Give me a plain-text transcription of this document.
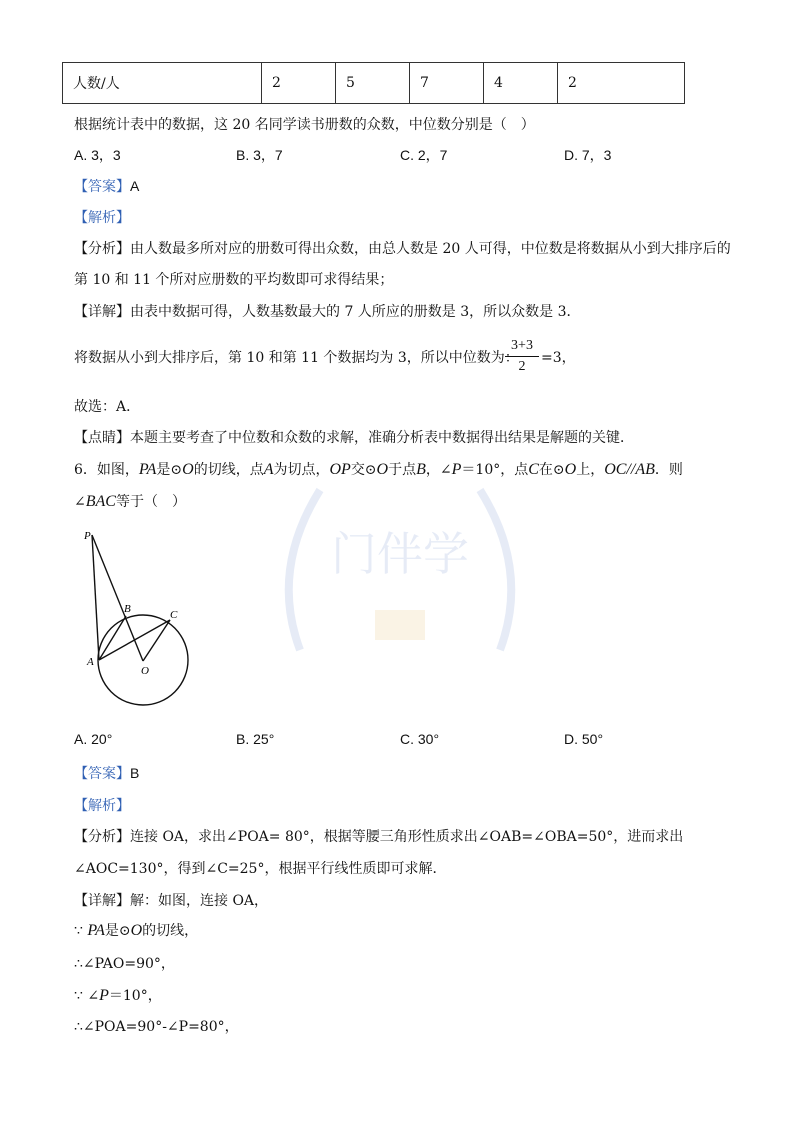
门伴学
人数/人	2	5	7	4	2
根据统计表中的数据，这 20 名同学读书册数的众数，中位数分别是（　）
A. 3，3	B. 3，7	C. 2，7	D. 7，3
【答案】A
【解析】
【分析】由人数最多所对应的册数可得出众数，由总人数是 20 人可得，中位数是将数据从小到大排序后的
第 10 和 11 个所对应册数的平均数即可求得结果；
【详解】由表中数据可得，人数基数最大的 7 人所应的册数是 3，所以众数是 3．
将数据从小到大排序后，第 10 和第 11 个数据均为 3，所以中位数为：
$\frac{3+3}{2} =3$，
故选：A．
【点睛】本题主要考查了中位数和众数的求解，准确分析表中数据得出结果是解题的关键．
6．如图，PA是⊙O的切线，点A为切点，OP交⊙O于点B，∠P＝10°，点C在⊙O上，OC//AB．则
∠BAC等于（　）
P
B	C
A
O
A. 20°	B. 25°	C. 30°	D. 50°
【答案】B
【解析】
【分析】连接 OA，求出∠POA= 80°，根据等腰三角形性质求出∠OAB=∠OBA=50°，进而求出
∠AOC=130°，得到∠C=25°，根据平行线性质即可求解．
【详解】解：如图，连接 OA，
∵ PA是⊙O的切线，
∴∠PAO=90°，
∵ ∠P＝10°，
∴∠POA=90°-∠P=80°，
